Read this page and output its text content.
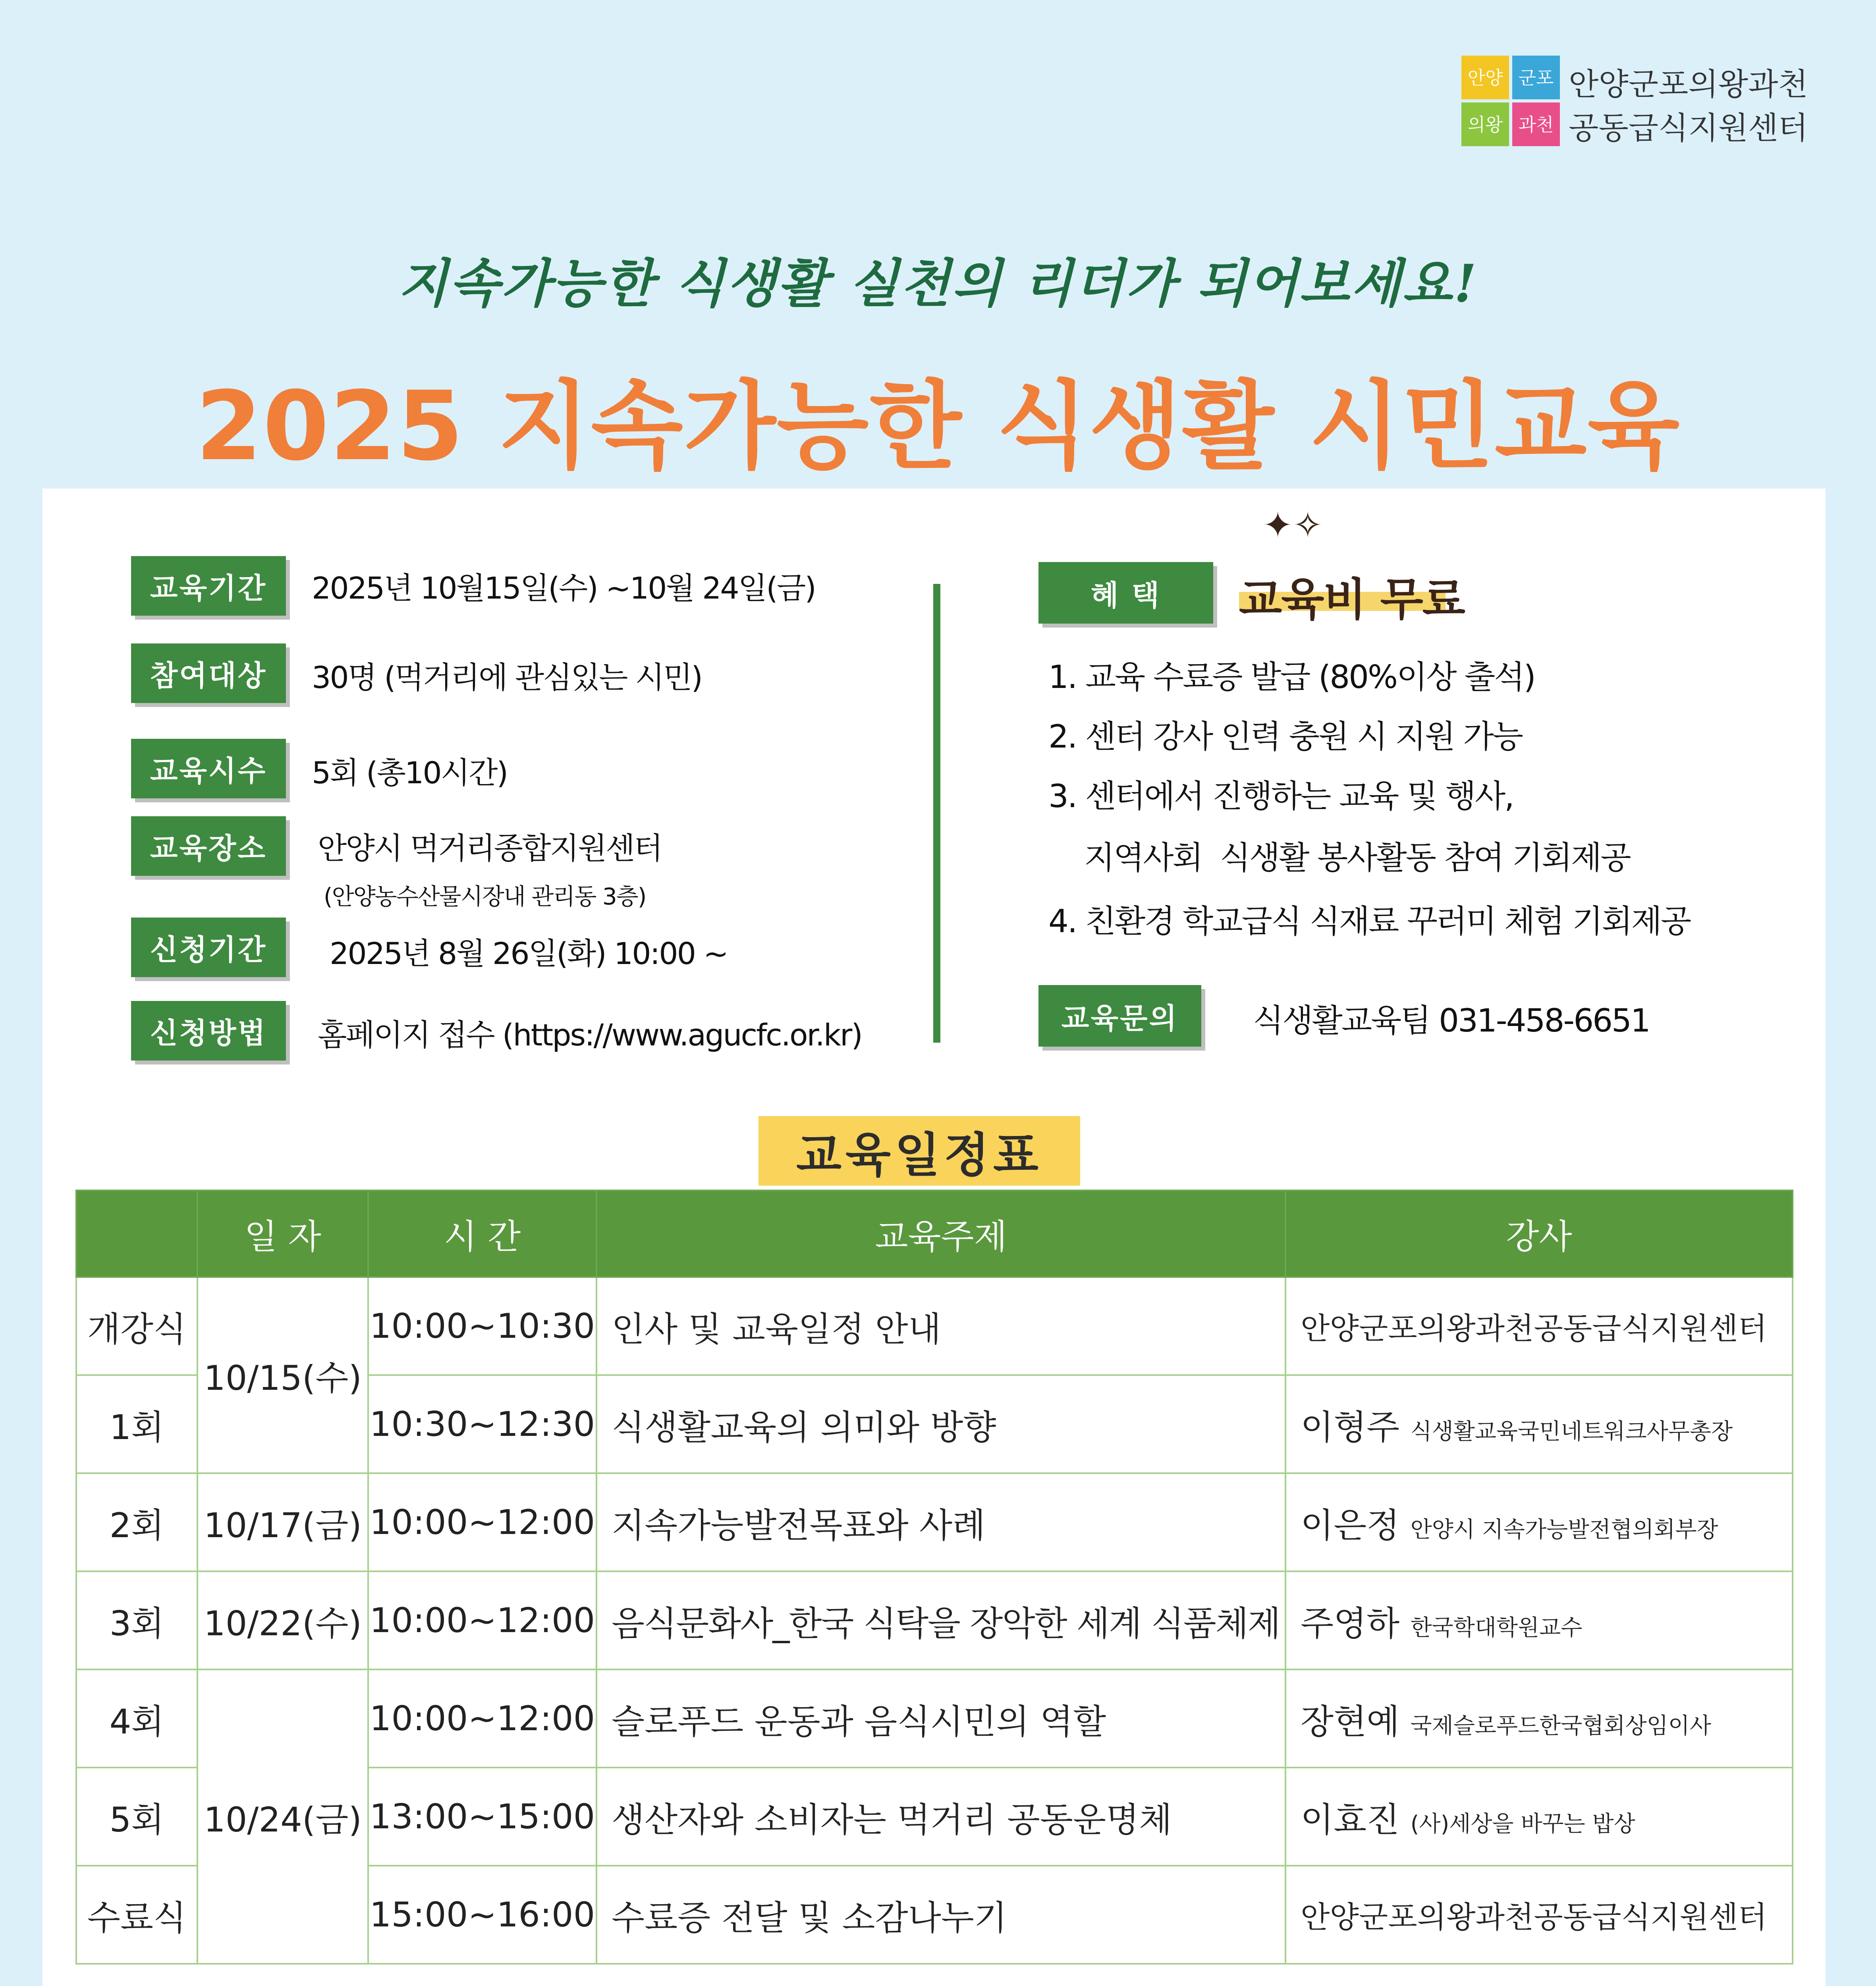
안양 군포
의왕 과천
안양군포의왕과천
공동급식지원센터
지속가능한 식생활 실천의 리더가 되어보세요!
2025 지속가능한 식생활 시민교육
교육기간	2025년 10월15일(수) ~10월 24일(금)
참여대상	30명 (먹거리에 관심있는 시민)
교육시수	5회 (총10시간)
교육장소	안양시 먹거리종합지원센터
(안양농수산물시장내 관리동 3층)
신청기간	2025년 8월 26일(화) 10:00 ~
신청방법	홈페이지 접수 (https://www.agucfc.or.kr)
혜 택
✦✧
교육비 무료
1. 교육 수료증 발급 (80%이상 출석)
2. 센터 강사 인력 충원 시 지원 가능
3. 센터에서 진행하는 교육 및 행사,
지역사회  식생활 봉사활동 참여 기회제공
4. 친환경 학교급식 식재료 꾸러미 체험 기회제공
교육문의	식생활교육팀 031-458-6651
교육일정표
	일 자	시 간	교육주제	강사
개강식	10/15(수)	10:00~10:30	인사 및 교육일정 안내	안양군포의왕과천공동급식지원센터
1회		10:30~12:30	식생활교육의 의미와 방향	이형주 식생활교육국민네트워크사무총장
2회	10/17(금)	10:00~12:00	지속가능발전목표와 사례	이은정 안양시 지속가능발전협의회부장
3회	10/22(수)	10:00~12:00	음식문화사_한국 식탁을 장악한 세계 식품체제	주영하 한국학대학원교수
4회	10/24(금)	10:00~12:00	슬로푸드 운동과 음식시민의 역할	장현예 국제슬로푸드한국협회상임이사
5회		13:00~15:00	생산자와 소비자는 먹거리 공동운명체	이효진 (사)세상을 바꾸는 밥상
수료식		15:00~16:00	수료증 전달 및 소감나누기	안양군포의왕과천공동급식지원센터
